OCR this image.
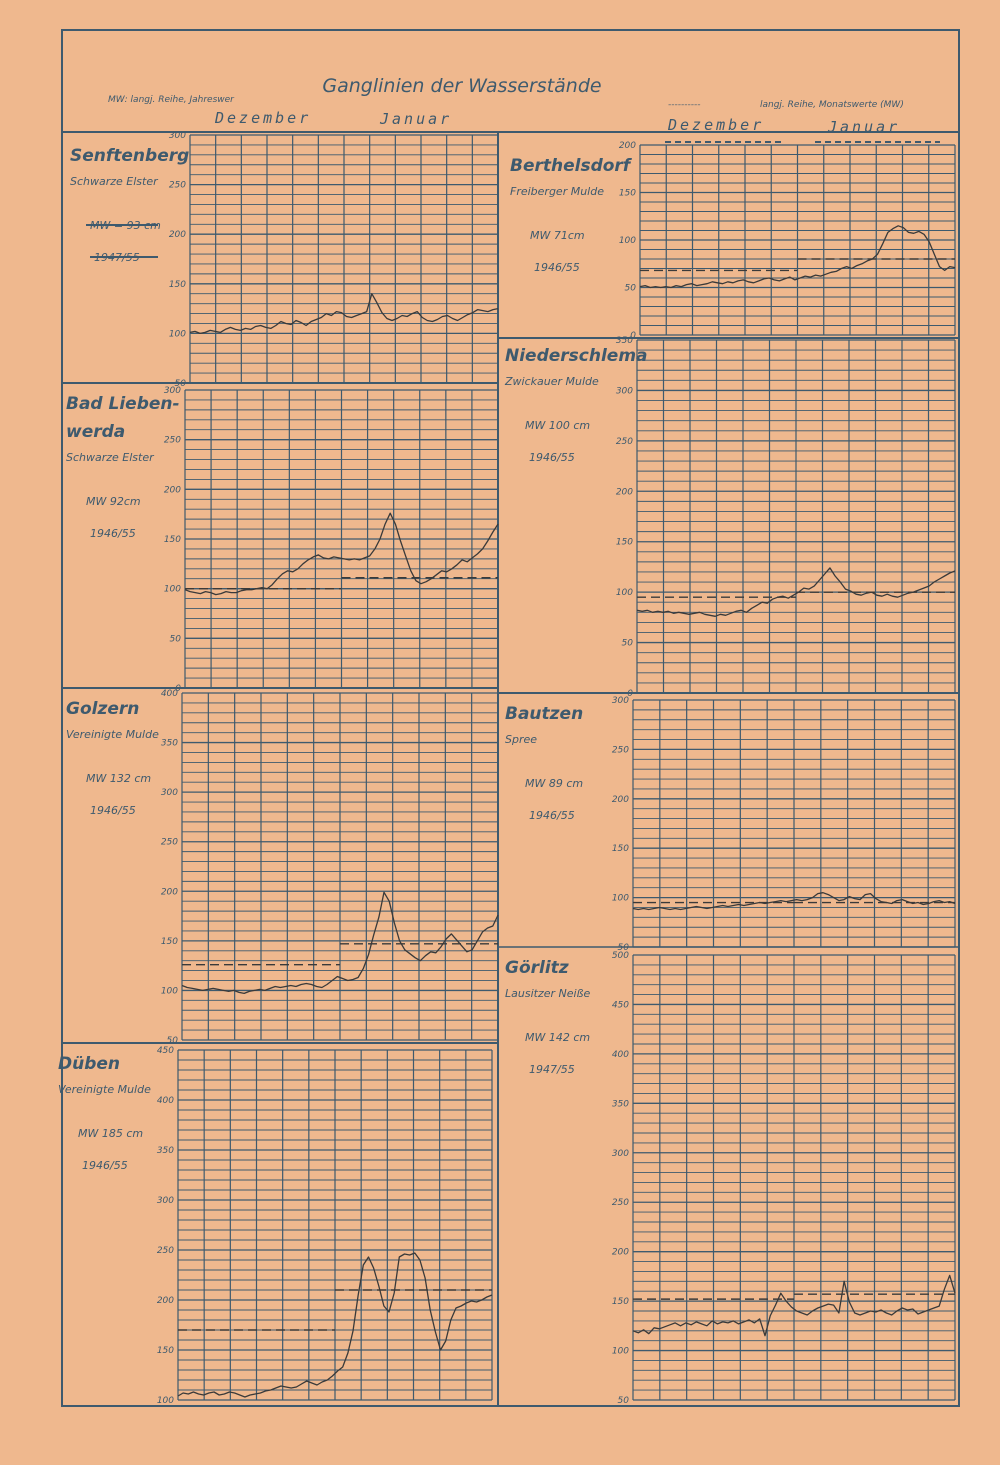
Ganglinien der Wasserstände
MW: langj. Reihe, Jahreswer	----------	langj. Reihe, Monatswerte (MW)
Dezember	Januar	Dezember	Januar
50
100
150
200
250
300
Senftenberg
Schwarze Elster
MW = 93 cm
1947/55
0
50
100
150
200
250
300
Bad Lieben-
werda
Schwarze Elster
MW 92cm
1946/55
50
100
150
200
250
300
350
400
Golzern
Vereinigte Mulde
MW 132 cm
1946/55
100
150
200
250
300
350
400
450
Düben
Vereinigte Mulde
MW 185 cm
1946/55
0
50
100
150
200
Berthelsdorf
Freiberger Mulde
MW 71cm
1946/55
0
50
100
150
200
250
300
350
Niederschlema
Zwickauer Mulde
MW 100 cm
1946/55
50
100
150
200
250
300
Bautzen
Spree
MW 89 cm
1946/55
50
100
150
200
250
300
350
400
450
500
Görlitz
Lausitzer Neiße
MW 142 cm
1947/55
